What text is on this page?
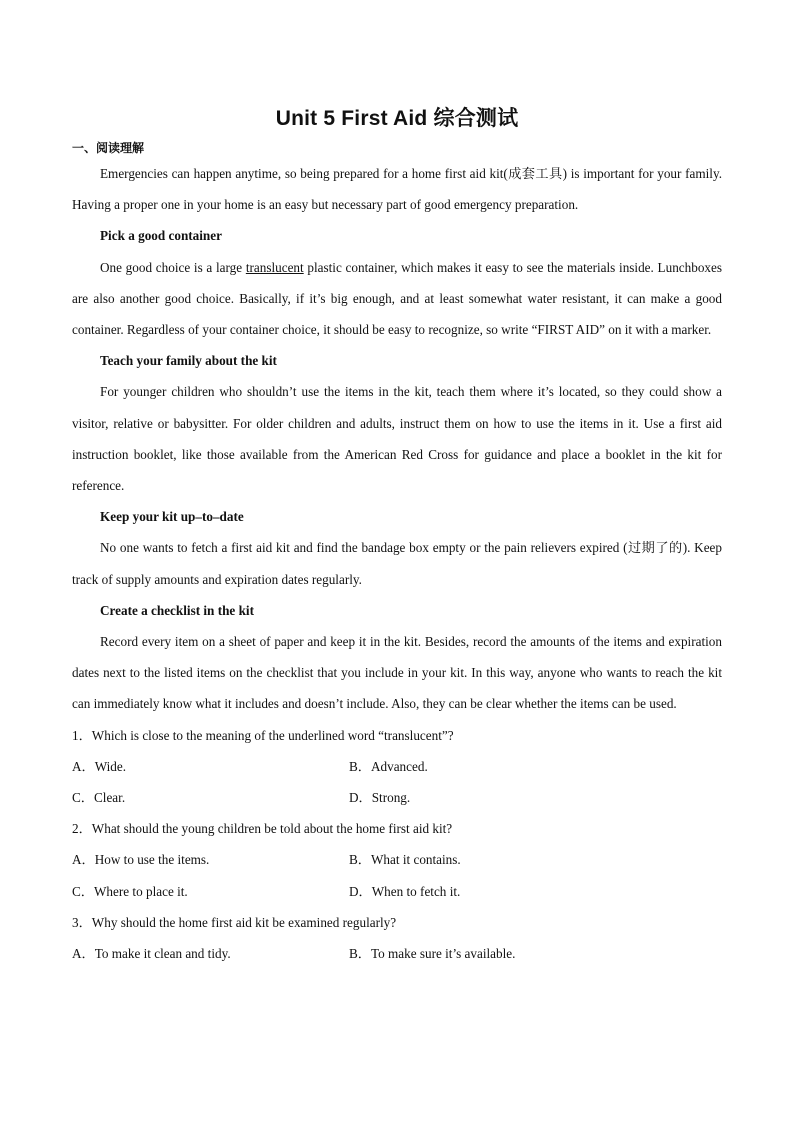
Unit 5 First Aid 综合测试
一、阅读理解

Emergencies can happen anytime, so being prepared for a home first aid kit(成套工具) is important for your family. Having a proper one in your home is an easy but necessary part of good emergency preparation.

Pick a good container

One good choice is a large translucent plastic container, which makes it easy to see the materials inside. Lunchboxes are also another good choice. Basically, if it’s big enough, and at least somewhat water resistant, it can make a good container. Regardless of your container choice, it should be easy to recognize, so write “FIRST AID” on it with a marker.

Teach your family about the kit

For younger children who shouldn’t use the items in the kit, teach them where it’s located, so they could show a visitor, relative or babysitter. For older children and adults, instruct them on how to use the items in it. Use a first aid instruction booklet, like those available from the American Red Cross for guidance and place a booklet in the kit for reference.

Keep your kit up–to–date

No one wants to fetch a first aid kit and find the bandage box empty or the pain relievers expired (过期了的). Keep track of supply amounts and expiration dates regularly.

Create a checklist in the kit

Record every item on a sheet of paper and keep it in the kit. Besides, record the amounts of the items and expiration dates next to the listed items on the checklist that you include in your kit. In this way, anyone who wants to reach the kit can immediately know what it includes and doesn’t include. Also, they can be clear whether the items can be used.

1．Which is close to the meaning of the underlined word “translucent”?

A．Wide.	B．Advanced.
C．Clear.	D．Strong.

2．What should the young children be told about the home first aid kit?

A．How to use the items.	B．What it contains.
C．Where to place it.	D．When to fetch it.

3．Why should the home first aid kit be examined regularly?

A．To make it clean and tidy.	B．To make sure it’s available.
